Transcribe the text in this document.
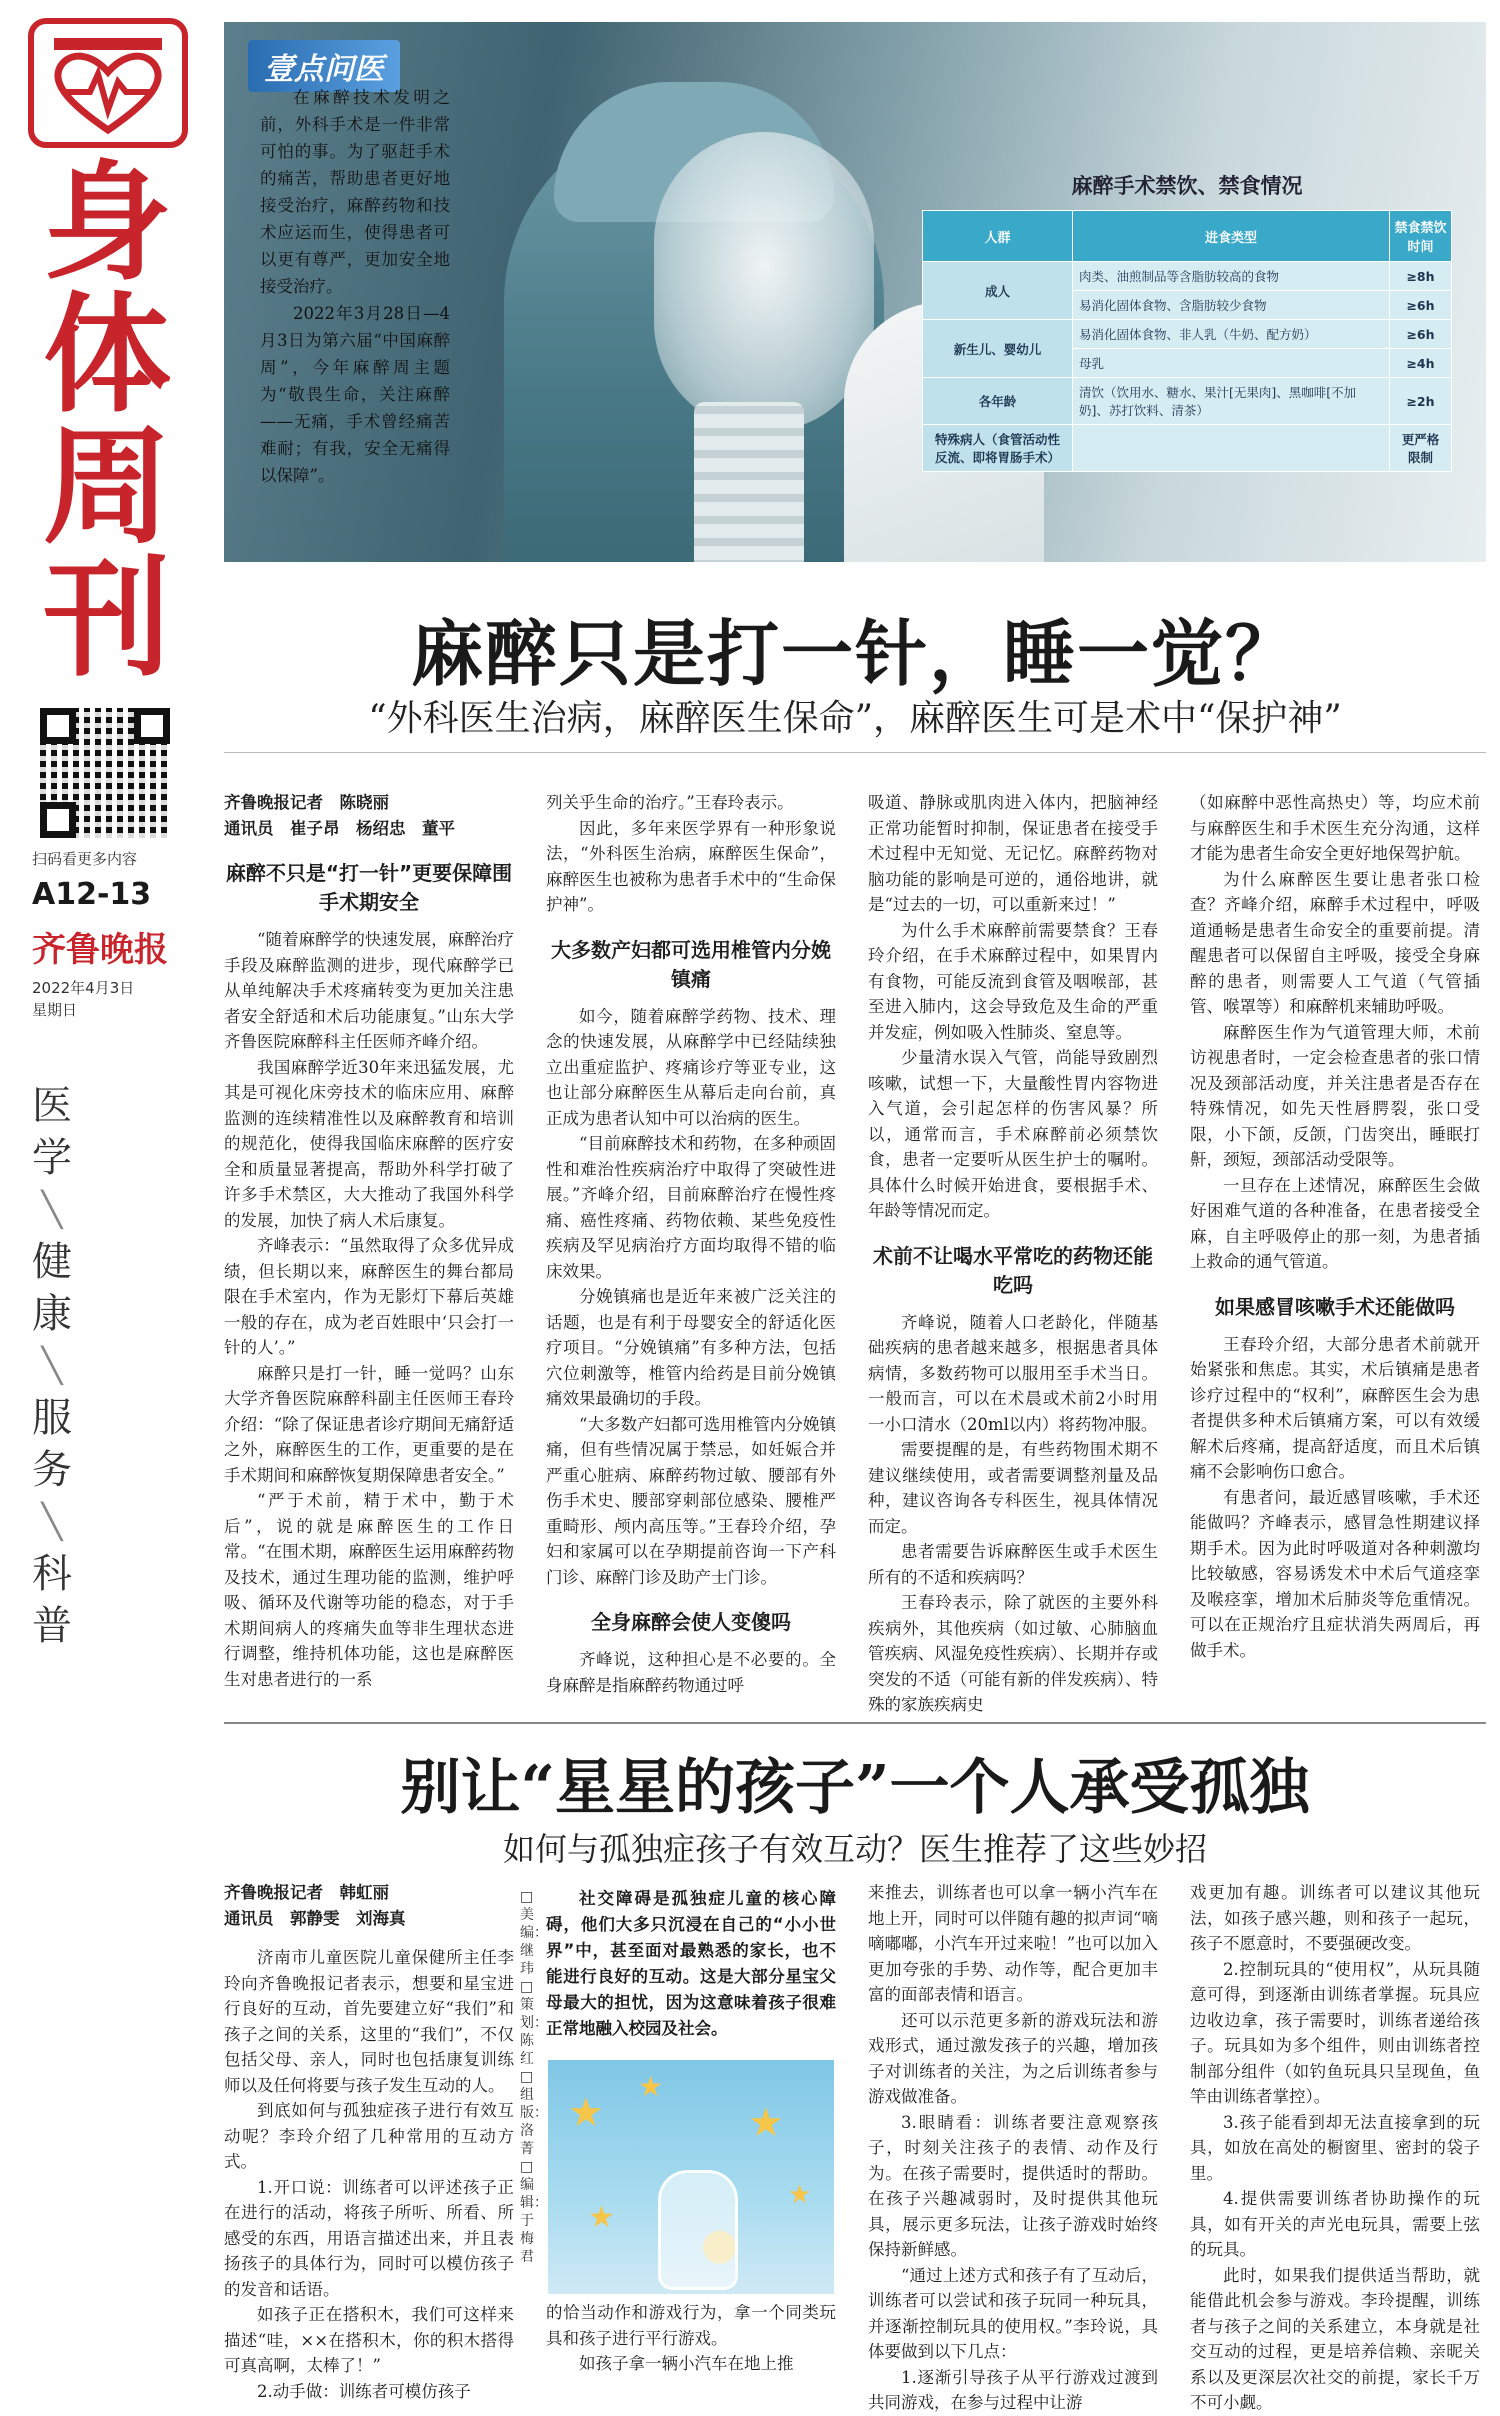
身
体
周
刊
扫码看更多内容
A12-13
齐鲁晚报
2022年4月3日
星期日
医学
╲
健康
╲
服务
╲
科普
壹点问医

在麻醉技术发明之前，外科手术是一件非常可怕的事。为了驱赶手术的痛苦，帮助患者更好地接受治疗，麻醉药物和技术应运而生，使得患者可以更有尊严，更加安全地接受治疗。

2022年3月28日—4月3日为第六届“中国麻醉周”，今年麻醉周主题为“敬畏生命，关注麻醉——无痛，手术曾经痛苦难耐；有我，安全无痛得以保障”。

麻醉手术禁饮、禁食情况
人群	进食类型	禁食禁饮时间
成人	肉类、油煎制品等含脂肪较高的食物	≥8h
	易消化固体食物、含脂肪较少食物	≥6h
新生儿、婴幼儿	易消化固体食物、非人乳（牛奶、配方奶）	≥6h
	母乳	≥4h
各年龄	清饮（饮用水、糖水、果汁[无果肉]、黑咖啡[不加奶]、苏打饮料、清茶）	≥2h
特殊病人（食管活动性反流、即将胃肠手术）		更严格限制
麻醉只是打一针，睡一觉？
“外科医生治病，麻醉医生保命”，麻醉医生可是术中“保护神”

齐鲁晚报记者　陈晓丽

通讯员　崔子昂　杨绍忠　董平

麻醉不只是“打一针”更要保障围手术期安全

“随着麻醉学的快速发展，麻醉治疗手段及麻醉监测的进步，现代麻醉学已从单纯解决手术疼痛转变为更加关注患者安全舒适和术后功能康复。”山东大学齐鲁医院麻醉科主任医师齐峰介绍。

我国麻醉学近30年来迅猛发展，尤其是可视化床旁技术的临床应用、麻醉监测的连续精准性以及麻醉教育和培训的规范化，使得我国临床麻醉的医疗安全和质量显著提高，帮助外科学打破了许多手术禁区，大大推动了我国外科学的发展，加快了病人术后康复。

齐峰表示：“虽然取得了众多优异成绩，但长期以来，麻醉医生的舞台都局限在手术室内，作为无影灯下幕后英雄一般的存在，成为老百姓眼中‘只会打一针的人’。”

麻醉只是打一针，睡一觉吗？山东大学齐鲁医院麻醉科副主任医师王春玲介绍：“除了保证患者诊疗期间无痛舒适之外，麻醉医生的工作，更重要的是在手术期间和麻醉恢复期保障患者安全。”

“严于术前，精于术中，勤于术后”，说的就是麻醉医生的工作日常。“在围术期，麻醉医生运用麻醉药物及技术，通过生理功能的监测，维护呼吸、循环及代谢等功能的稳态，对于手术期间病人的疼痛失血等非生理状态进行调整，维持机体功能，这也是麻醉医生对患者进行的一系

列关乎生命的治疗。”王春玲表示。

因此，多年来医学界有一种形象说法，“外科医生治病，麻醉医生保命”，麻醉医生也被称为患者手术中的“生命保护神”。

大多数产妇都可选用椎管内分娩镇痛

如今，随着麻醉学药物、技术、理念的快速发展，从麻醉学中已经陆续独立出重症监护、疼痛诊疗等亚专业，这也让部分麻醉医生从幕后走向台前，真正成为患者认知中可以治病的医生。

“目前麻醉技术和药物，在多种顽固性和难治性疾病治疗中取得了突破性进展。”齐峰介绍，目前麻醉治疗在慢性疼痛、癌性疼痛、药物依赖、某些免疫性疾病及罕见病治疗方面均取得不错的临床效果。

分娩镇痛也是近年来被广泛关注的话题，也是有利于母婴安全的舒适化医疗项目。“分娩镇痛”有多种方法，包括穴位刺激等，椎管内给药是目前分娩镇痛效果最确切的手段。

“大多数产妇都可选用椎管内分娩镇痛，但有些情况属于禁忌，如妊娠合并严重心脏病、麻醉药物过敏、腰部有外伤手术史、腰部穿刺部位感染、腰椎严重畸形、颅内高压等。”王春玲介绍，孕妇和家属可以在孕期提前咨询一下产科门诊、麻醉门诊及助产士门诊。

全身麻醉会使人变傻吗

齐峰说，这种担心是不必要的。全身麻醉是指麻醉药物通过呼

吸道、静脉或肌肉进入体内，把脑神经正常功能暂时抑制，保证患者在接受手术过程中无知觉、无记忆。麻醉药物对脑功能的影响是可逆的，通俗地讲，就是“过去的一切，可以重新来过！”

为什么手术麻醉前需要禁食？王春玲介绍，在手术麻醉过程中，如果胃内有食物，可能反流到食管及咽喉部，甚至进入肺内，这会导致危及生命的严重并发症，例如吸入性肺炎、窒息等。

少量清水误入气管，尚能导致剧烈咳嗽，试想一下，大量酸性胃内容物进入气道，会引起怎样的伤害风暴？所以，通常而言，手术麻醉前必须禁饮食，患者一定要听从医生护士的嘱咐。具体什么时候开始进食，要根据手术、年龄等情况而定。

术前不让喝水平常吃的药物还能吃吗

齐峰说，随着人口老龄化，伴随基础疾病的患者越来越多，根据患者具体病情，多数药物可以服用至手术当日。一般而言，可以在术晨或术前2小时用一小口清水（20ml以内）将药物冲服。

需要提醒的是，有些药物围术期不建议继续使用，或者需要调整剂量及品种，建议咨询各专科医生，视具体情况而定。

患者需要告诉麻醉医生或手术医生所有的不适和疾病吗？

王春玲表示，除了就医的主要外科疾病外，其他疾病（如过敏、心肺脑血管疾病、风湿免疫性疾病）、长期并存或突发的不适（可能有新的伴发疾病）、特殊的家族疾病史

（如麻醉中恶性高热史）等，均应术前与麻醉医生和手术医生充分沟通，这样才能为患者生命安全更好地保驾护航。

为什么麻醉医生要让患者张口检查？齐峰介绍，麻醉手术过程中，呼吸道通畅是患者生命安全的重要前提。清醒患者可以保留自主呼吸，接受全身麻醉的患者，则需要人工气道（气管插管、喉罩等）和麻醉机来辅助呼吸。

麻醉医生作为气道管理大师，术前访视患者时，一定会检查患者的张口情况及颈部活动度，并关注患者是否存在特殊情况，如先天性唇腭裂，张口受限，小下颌，反颌，门齿突出，睡眠打鼾，颈短，颈部活动受限等。

一旦存在上述情况，麻醉医生会做好困难气道的各种准备，在患者接受全麻，自主呼吸停止的那一刻，为患者插上救命的通气管道。

如果感冒咳嗽手术还能做吗

王春玲介绍，大部分患者术前就开始紧张和焦虑。其实，术后镇痛是患者诊疗过程中的“权利”，麻醉医生会为患者提供多种术后镇痛方案，可以有效缓解术后疼痛，提高舒适度，而且术后镇痛不会影响伤口愈合。

有患者问，最近感冒咳嗽，手术还能做吗？齐峰表示，感冒急性期建议择期手术。因为此时呼吸道对各种刺激均比较敏感，容易诱发术中术后气道痉挛及喉痉挛，增加术后肺炎等危重情况。可以在正规治疗且症状消失两周后，再做手术。

别让“星星的孩子”一个人承受孤独
如何与孤独症孩子有效互动？医生推荐了这些妙招

齐鲁晚报记者　韩虹丽

通讯员　郭静雯　刘海真

济南市儿童医院儿童保健所主任李玲向齐鲁晚报记者表示，想要和星宝进行良好的互动，首先要建立好“我们”和孩子之间的关系，这里的“我们”，不仅包括父母、亲人，同时也包括康复训练师以及任何将要与孩子发生互动的人。

到底如何与孤独症孩子进行有效互动呢？李玲介绍了几种常用的互动方式。

1.开口说：训练者可以评述孩子正在进行的活动，将孩子所听、所看、所感受的东西，用语言描述出来，并且表扬孩子的具体行为，同时可以模仿孩子的发音和话语。

如孩子正在搭积木，我们可这样来描述“哇，××在搭积木，你的积木搭得可真高啊，太棒了！”

2.动手做：训练者可模仿孩子

□美编：继玮　□策划：陈红　□组版：洛菁　□编辑：于梅君
社交障碍是孤独症儿童的核心障碍，他们大多只沉浸在自己的“小小世界”中，甚至面对最熟悉的家长，也不能进行良好的互动。这是大部分星宝父母最大的担忧，因为这意味着孩子很难正常地融入校园及社会。
★
★
★
★
★

的恰当动作和游戏行为，拿一个同类玩具和孩子进行平行游戏。

如孩子拿一辆小汽车在地上推

来推去，训练者也可以拿一辆小汽车在地上开，同时可以伴随有趣的拟声词“嘀嘀嘟嘟，小汽车开过来啦！”也可以加入更加夸张的手势、动作等，配合更加丰富的面部表情和语言。

还可以示范更多新的游戏玩法和游戏形式，通过激发孩子的兴趣，增加孩子对训练者的关注，为之后训练者参与游戏做准备。

3.眼睛看：训练者要注意观察孩子，时刻关注孩子的表情、动作及行为。在孩子需要时，提供适时的帮助。在孩子兴趣减弱时，及时提供其他玩具，展示更多玩法，让孩子游戏时始终保持新鲜感。

“通过上述方式和孩子有了互动后，训练者可以尝试和孩子玩同一种玩具，并逐渐控制玩具的使用权。”李玲说，具体要做到以下几点：

1.逐渐引导孩子从平行游戏过渡到共同游戏，在参与过程中让游

戏更加有趣。训练者可以建议其他玩法，如孩子感兴趣，则和孩子一起玩，孩子不愿意时，不要强硬改变。

2.控制玩具的“使用权”，从玩具随意可得，到逐渐由训练者掌握。玩具应边收边拿，孩子需要时，训练者递给孩子。玩具如为多个组件，则由训练者控制部分组件（如钓鱼玩具只呈现鱼，鱼竿由训练者掌控）。

3.孩子能看到却无法直接拿到的玩具，如放在高处的橱窗里、密封的袋子里。

4.提供需要训练者协助操作的玩具，如有开关的声光电玩具，需要上弦的玩具。

此时，如果我们提供适当帮助，就能借此机会参与游戏。李玲提醒，训练者与孩子之间的关系建立，本身就是社交互动的过程，更是培养信赖、亲昵关系以及更深层次社交的前提，家长千万不可小觑。
